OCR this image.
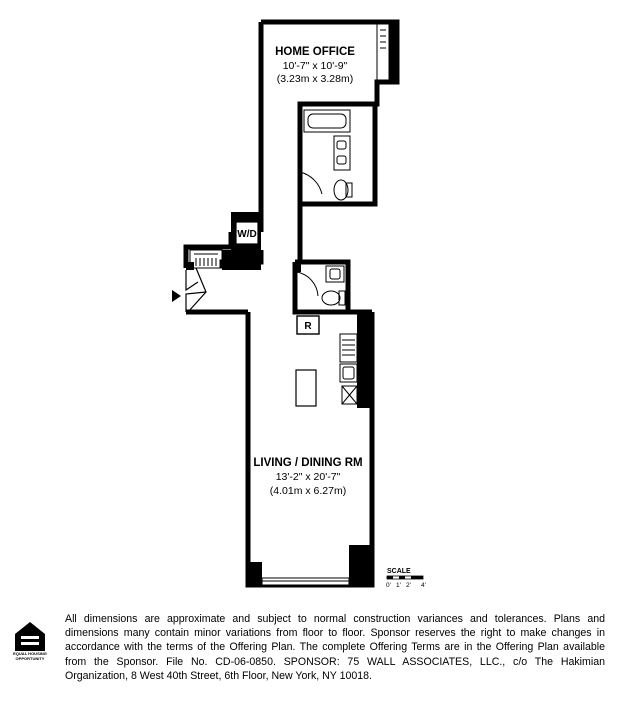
HOME OFFICE
10'-7" x 10'-9"
(3.23m x 3.28m)
W/D
R
LIVING / DINING RM
13'-2" x 20'-7"
(4.01m x 6.27m)
SCALE
0' 1' 2' 4'
EQUAL HOUSING OPPORTUNITY

All dimensions are approximate and subject to normal construction variances and tolerances. Plans and dimensions many contain minor variations from floor to floor. Sponsor reserves the right to make changes in accordance with the terms of the Offering Plan. The complete Offering Terms are in the Offering Plan available from the Sponsor. File No. CD-06-0850. SPONSOR: 75 WALL ASSOCIATES, LLC., c/o The Hakimian Organization, 8 West 40th Street, 6th Floor, New York, NY 10018.
